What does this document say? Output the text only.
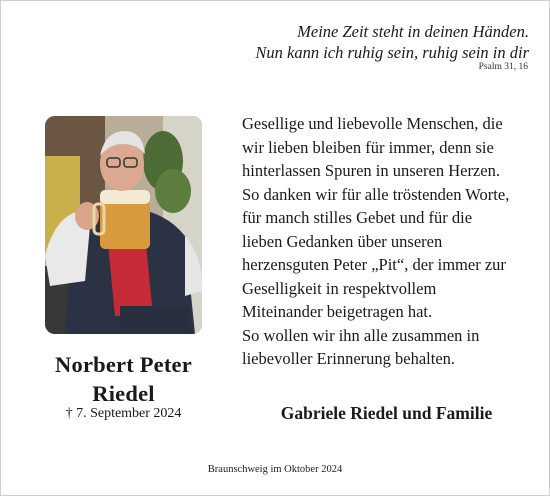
Meine Zeit steht in deinen Händen.
Nun kann ich ruhig sein, ruhig sein in dir
Psalm 31, 16
Norbert Peter
Riedel
† 7. September 2024
Gesellige und liebevolle Menschen, die
wir lieben bleiben für immer, denn sie
hinterlassen Spuren in unseren Herzen.
So danken wir für alle tröstenden Worte,
für manch stilles Gebet und für die
lieben Gedanken über unseren
herzensguten Peter „Pit“, der immer zur
Geselligkeit in respektvollem
Miteinander beigetragen hat.
So wollen wir ihn alle zusammen in
liebevoller Erinnerung behalten.
Gabriele Riedel und Familie
Braunschweig im Oktober 2024
